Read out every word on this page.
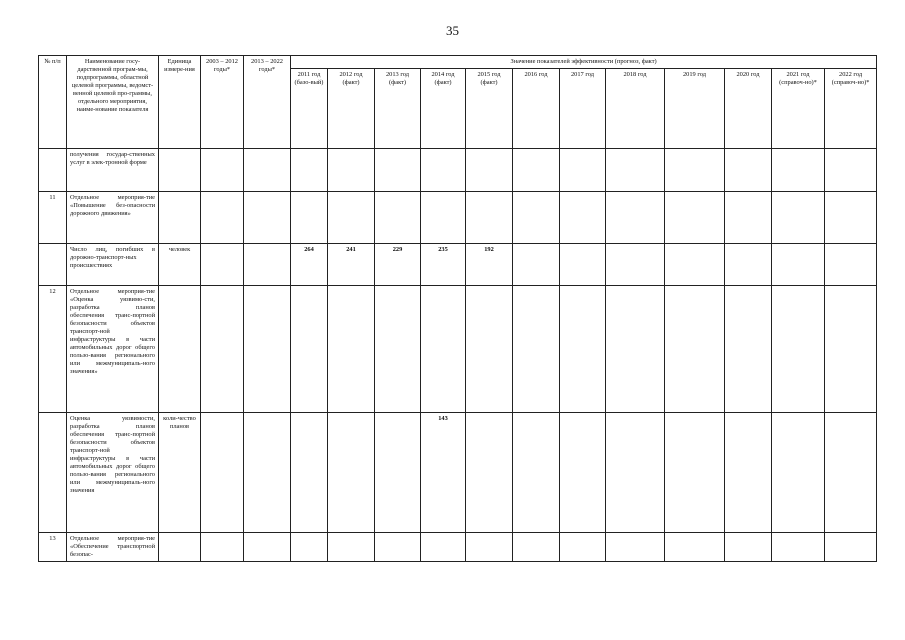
35
№ п/п	Наименование госу-дарственной програм-мы, подпрограммы, областной целевой программы, ведомст-венной целевой про-граммы, отдельного мероприятия, наиме-нование показателя	Единица измере-ния	2003 – 2012 годы*	2013 – 2022 годы*	Значение показателей эффективности (прогноз, факт)											
					2011 год (базо-вый)	2012 год (факт)	2013 год (факт)	2014 год (факт)	2015 год (факт)	2016 год	2017 год	2018 год	2019 год	2020 год	2021 год (справоч-но)*	2022 год (справоч-но)*
	получения государ-ственных услуг в элек-тронной форме															
11	Отдельное мероприя-тие «Повышение без-опасности дорожного движения»															
	Число лиц, погибших в дорожно-транспорт-ных происшествиях	человек			264	241	229	235	192							
12	Отдельное мероприя-тие «Оценка уязвимо-сти, разработка планов обеспечения транс-портной безопасности объектов транспорт-ной инфраструктуры в части автомобильных дорог общего пользо-вания регионального или межмуниципаль-ного значения»															
	Оценка уязвимости, разработка планов обеспечения транс-портной безопасности объектов транспорт-ной инфраструктуры в части автомобильных дорог общего пользо-вания регионального или межмуниципаль-ного значения	коли-чество планов						143								
13	Отдельное мероприя-тие «Обеспечение транспортной безопас-															
